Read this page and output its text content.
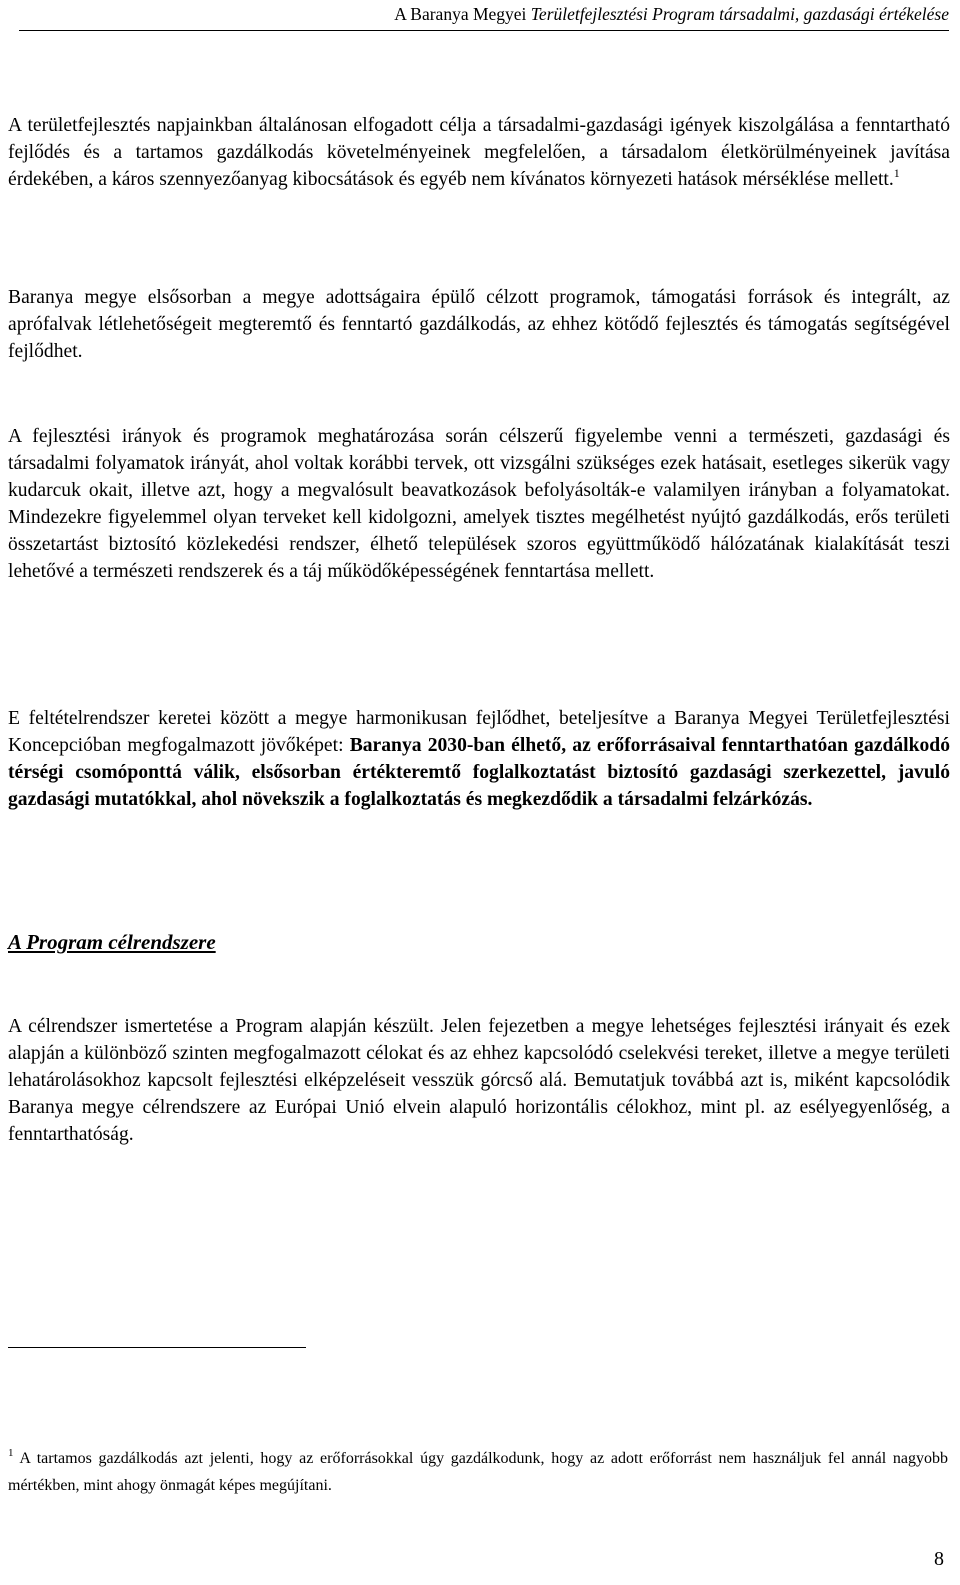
A Baranya Megyei Területfejlesztési Program társadalmi, gazdasági értékelése

A területfejlesztés napjainkban általánosan elfogadott célja a társadalmi-gazdasági igények kiszolgálása a fenntartható fejlődés és a tartamos gazdálkodás követelményeinek megfelelően, a társadalom életkörülményeinek javítása érdekében, a káros szennyezőanyag kibocsátások és egyéb nem kívánatos környezeti hatások mérséklése mellett.$^1$

Baranya megye elsősorban a megye adottságaira épülő célzott programok, támogatási források és integrált, az aprófalvak létlehetőségeit megteremtő és fenntartó gazdálkodás, az ehhez kötődő fejlesztés és támogatás segítségével fejlődhet.

A fejlesztési irányok és programok meghatározása során célszerű figyelembe venni a természeti, gazdasági és társadalmi folyamatok irányát, ahol voltak korábbi tervek, ott vizsgálni szükséges ezek hatásait, esetleges sikerük vagy kudarcuk okait, illetve azt, hogy a megvalósult beavatkozások befolyásolták-e valamilyen irányban a folyamatokat. Mindezekre figyelemmel olyan terveket kell kidolgozni, amelyek tisztes megélhetést nyújtó gazdálkodás, erős területi összetartást biztosító közlekedési rendszer, élhető települések szoros együttműködő hálózatának kialakítását teszi lehetővé a természeti rendszerek és a táj működőképességének fenntartása mellett.

E feltételrendszer keretei között a megye harmonikusan fejlődhet, beteljesítve a Baranya Megyei Területfejlesztési Koncepcióban megfogalmazott jövőképet: Baranya 2030-ban élhető, az erőforrásaival fenntarthatóan gazdálkodó térségi csomóponttá válik, elsősorban értékteremtő foglalkoztatást biztosító gazdasági szerkezettel, javuló gazdasági mutatókkal, ahol növekszik a foglalkoztatás és megkezdődik a társadalmi felzárkózás.

A Program célrendszere

A célrendszer ismertetése a Program alapján készült. Jelen fejezetben a megye lehetséges fejlesztési irányait és ezek alapján a különböző szinten megfogalmazott célokat és az ehhez kapcsolódó cselekvési tereket, illetve a megye területi lehatárolásokhoz kapcsolt fejlesztési elképzeléseit vesszük górcső alá. Bemutatjuk továbbá azt is, miként kapcsolódik Baranya megye célrendszere az Európai Unió elvein alapuló horizontális célokhoz, mint pl. az esélyegyenlőség, a fenntarthatóság.

$^1$ A tartamos gazdálkodás azt jelenti, hogy az erőforrásokkal úgy gazdálkodunk, hogy az adott erőforrást nem használjuk fel annál nagyobb mértékben, mint ahogy önmagát képes megújítani.

8
